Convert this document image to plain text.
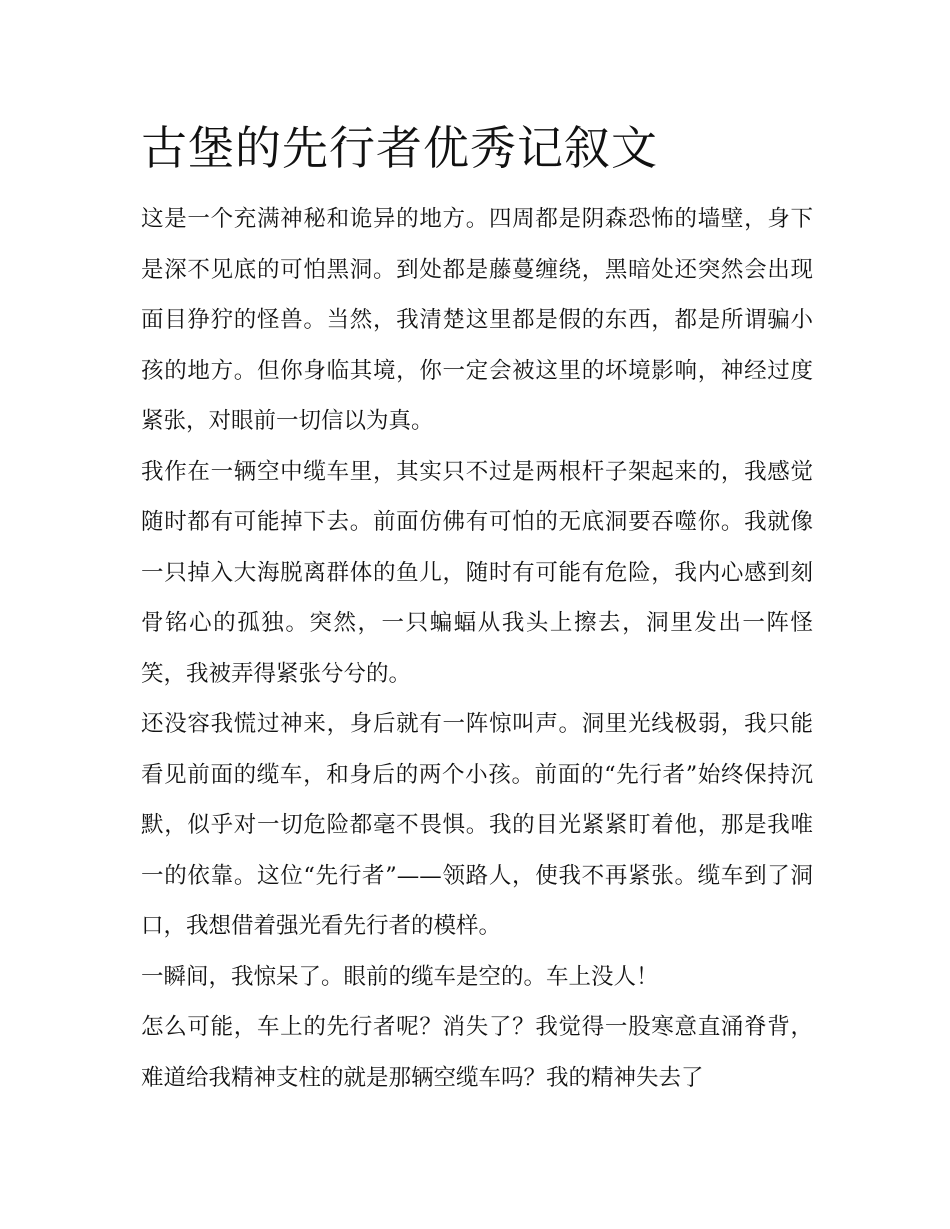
古堡的先行者优秀记叙文

这是一个充满神秘和诡异的地方。四周都是阴森恐怖的墙壁，身下是深不见底的可怕黑洞。到处都是藤蔓缠绕，黑暗处还突然会出现面目狰狞的怪兽。当然，我清楚这里都是假的东西，都是所谓骗小孩的地方。但你身临其境，你一定会被这里的坏境影响，神经过度紧张，对眼前一切信以为真。

我作在一辆空中缆车里，其实只不过是两根杆子架起来的，我感觉随时都有可能掉下去。前面仿佛有可怕的无底洞要吞噬你。我就像一只掉入大海脱离群体的鱼儿，随时有可能有危险，我内心感到刻骨铭心的孤独。突然，一只蝙蝠从我头上擦去，洞里发出一阵怪笑，我被弄得紧张兮兮的。

还没容我慌过神来，身后就有一阵惊叫声。洞里光线极弱，我只能看见前面的缆车，和身后的两个小孩。前面的“先行者”始终保持沉默，似乎对一切危险都毫不畏惧。我的目光紧紧盯着他，那是我唯一的依靠。这位“先行者”——领路人，使我不再紧张。缆车到了洞口，我想借着强光看先行者的模样。

一瞬间，我惊呆了。眼前的缆车是空的。车上没人！

怎么可能，车上的先行者呢？消失了？我觉得一股寒意直涌脊背，难道给我精神支柱的就是那辆空缆车吗？我的精神失去了
